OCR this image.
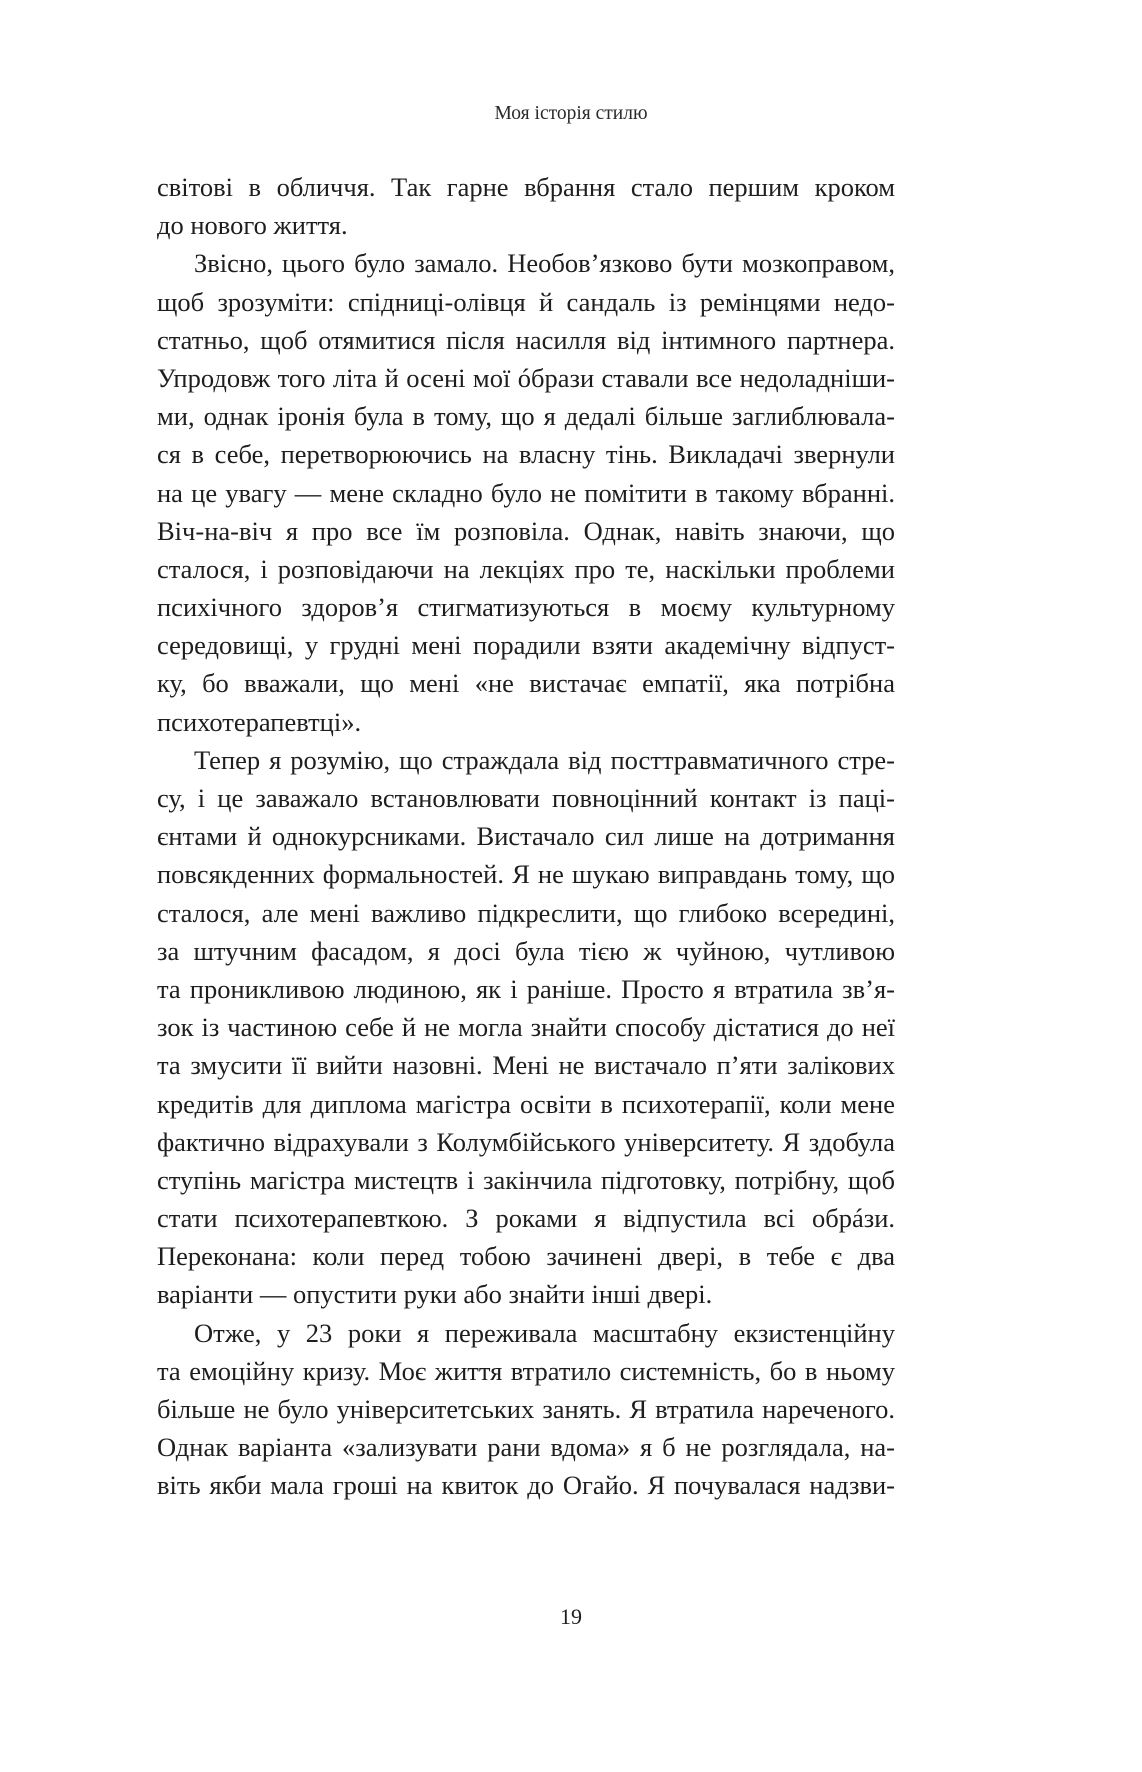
Моя історія стилю
світові в обличчя. Так гарне вбрання стало першим кроком
до нового життя.
Звісно, цього було замало. Необов’язково бути мозкоправом,
щоб зрозуміти: спідниці-олівця й сандаль із ремінцями недо-
статньо, щоб отямитися після насилля від інтимного партнера.
Упродовж того літа й осені мої óбрази ставали все недоладніши-
ми, однак іронія була в тому, що я дедалі більше заглиблювала-
ся в себе, перетворюючись на власну тінь. Викладачі звернули
на це увагу — мене складно було не помітити в такому вбранні.
Віч-на-віч я про все їм розповіла. Однак, навіть знаючи, що
сталося, і розповідаючи на лекціях про те, наскільки проблеми
психічного здоров’я стигматизуються в моєму культурному
середовищі, у грудні мені порадили взяти академічну відпуст-
ку, бо вважали, що мені «не вистачає емпатії, яка потрібна
психотерапевтці».
Тепер я розумію, що страждала від посттравматичного стре-
су, і це заважало встановлювати повноцінний контакт із паці-
єнтами й однокурсниками. Вистачало сил лише на дотримання
повсякденних формальностей. Я не шукаю виправдань тому, що
сталося, але мені важливо підкреслити, що глибоко всередині,
за штучним фасадом, я досі була тією ж чуйною, чутливою
та проникливою людиною, як і раніше. Просто я втратила зв’я-
зок із частиною себе й не могла знайти способу дістатися до неї
та змусити її вийти назовні. Мені не вистачало п’яти залікових
кредитів для диплома магістра освіти в психотерапії, коли мене
фактично відрахували з Колумбійського університету. Я здобула
ступінь магістра мистецтв і закінчила підготовку, потрібну, щоб
стати психотерапевткою. З роками я відпустила всі обрáзи.
Переконана: коли перед тобою зачинені двері, в тебе є два
варіанти — опустити руки або знайти інші двері.
Отже, у 23 роки я переживала масштабну екзистенційну
та емоційну кризу. Моє життя втратило системність, бо в ньому
більше не було університетських занять. Я втратила нареченого.
Однак варіанта «зализувати рани вдома» я б не розглядала, на-
віть якби мала гроші на квиток до Огайо. Я почувалася надзви-
19
